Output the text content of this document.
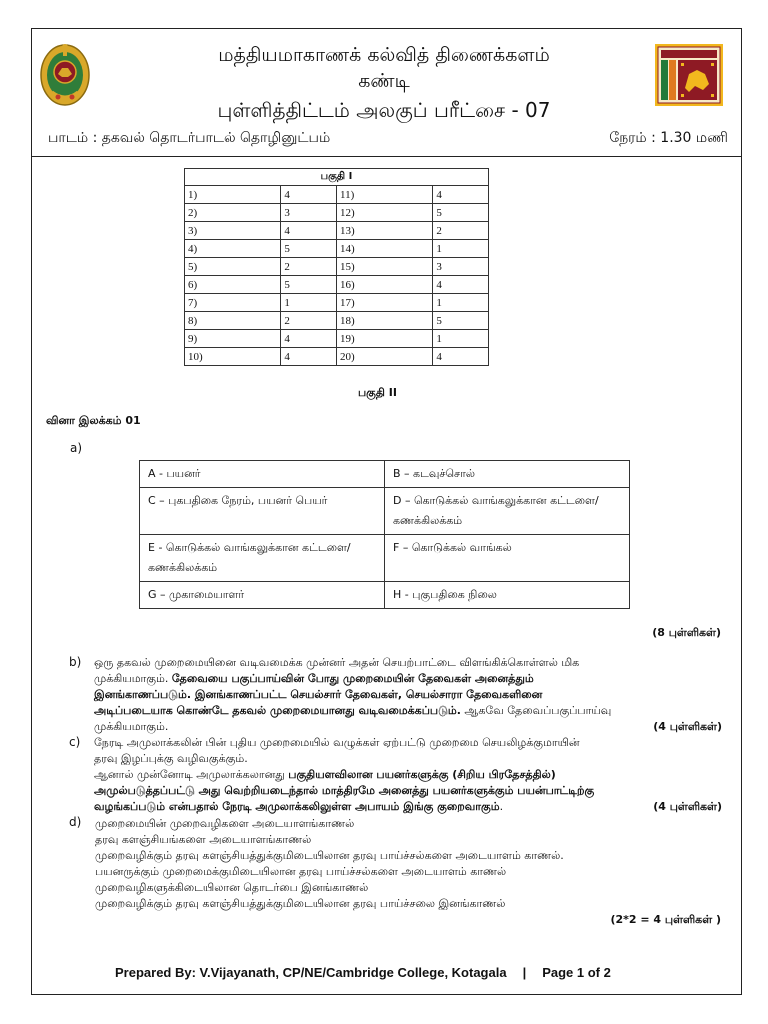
மத்தியமாகாணக் கல்வித் திணைக்களம்
கண்டி
புள்ளித்திட்டம் அலகுப் பரீட்சை - 07
பாடம் : தகவல் தொடர்பாடல் தொழினுட்பம்	நேரம் : 1.30 மணி
பகுதி I			
1)	4	11)	4
2)	3	12)	5
3)	4	13)	2
4)	5	14)	1
5)	2	15)	3
6)	5	16)	4
7)	1	17)	1
8)	2	18)	5
9)	4	19)	1
10)	4	20)	4
பகுதி II
வினா இலக்கம் 01
a)
A - பயனர்	B – கடவுச்சொல்
C – புகபதிகை நேரம், பயனர் பெயர்	D – கொடுக்கல் வாங்கலுக்கான கட்டளை/கணக்கிலக்கம்
E - கொடுக்கல் வாங்கலுக்கான கட்டளை/கணக்கிலக்கம்	F – கொடுக்கல் வாங்கல்
G – முகாமையாளர்	H - புகுபதிகை நிலை
(8 புள்ளிகள்)
b) ஒரு தகவல் முறைமையினை வடிவமைக்க முன்னர் அதன் செயற்பாட்டை விளங்கிக்கொள்ளல் மிக
முக்கியமாகும். தேவையை பகுப்பாய்வின் போது முறைமையின் தேவைகள் அனைத்தும்
இனங்காணப்படும். இனங்காணப்பட்ட செயல்சார் தேவைகள், செயல்சாரா தேவைகளினை
அடிப்படையாக கொண்டே தகவல் முறைமையானது வடிவமைக்கப்படும். ஆகவே தேவைப்பகுப்பாய்வு
முக்கியமாகும்.	(4 புள்ளிகள்)
c) நேரடி அமுலாக்கலின் பின் புதிய முறைமையில் வழுக்கள் ஏற்பட்டு முறைமை செயலிழக்குமாயின்
தரவு இழப்புக்கு வழிவகுக்கும்.
ஆனால் முன்னோடி அமுலாக்கலானது பகுதியளவிலான பயனர்களுக்கு (சிறிய பிரதேசத்தில்)
அமுல்படுத்தப்பட்டு அது வெற்றியடைந்தால் மாத்திரமே அனைத்து பயனர்களுக்கும் பயன்பாட்டிற்கு
வழங்கப்படும் என்பதால் நேரடி அமுலாக்கலிலுள்ள அபாயம் இங்கு குறைவாகும்.	(4 புள்ளிகள்)
d) முறைமையின் முறைவழிகளை அடையாளங்காணல்
தரவு களஞ்சியங்களை அடையாளங்காணல்
முறைவழிக்கும் தரவு களஞ்சியத்துக்குமிடையிலான தரவு பாய்ச்சல்களை அடையாளம் காணல்.
பயனருக்கும் முறைமைக்குமிடையிலான தரவு பாய்ச்சல்களை அடையாளம் காணல்
முறைவழிகளுக்கிடையிலான தொடர்பை இனங்காணல்
முறைவழிக்கும் தரவு களஞ்சியத்துக்குமிடையிலான தரவு பாய்ச்சலை இனங்காணல்
(2*2 = 4 புள்ளிகள் )
Prepared By: V.Vijayanath, CP/NE/Cambridge College, Kotagala | Page 1 of 2
